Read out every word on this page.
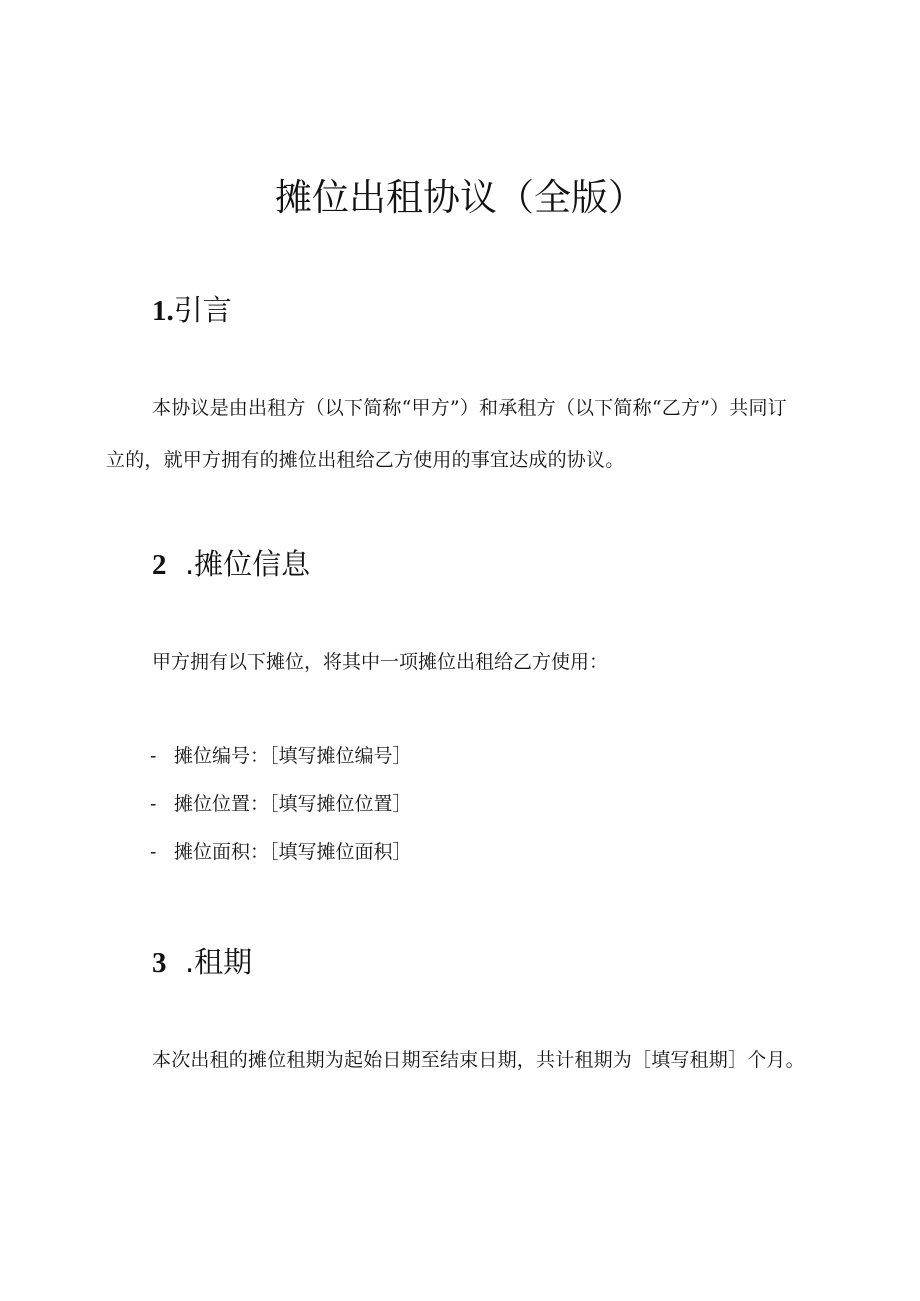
摊位出租协议（全版）
1.引言

本协议是由出租方（以下简称“甲方”）和承租方（以下简称“乙方”）共同订立的，就甲方拥有的摊位出租给乙方使用的事宜达成的协议。

2 .摊位信息

甲方拥有以下摊位，将其中一项摊位出租给乙方使用：

- 摊位编号：［填写摊位编号］
- 摊位位置：［填写摊位位置］
- 摊位面积：［填写摊位面积］
3 .租期

本次出租的摊位租期为起始日期至结束日期，共计租期为［填写租期］个月。
